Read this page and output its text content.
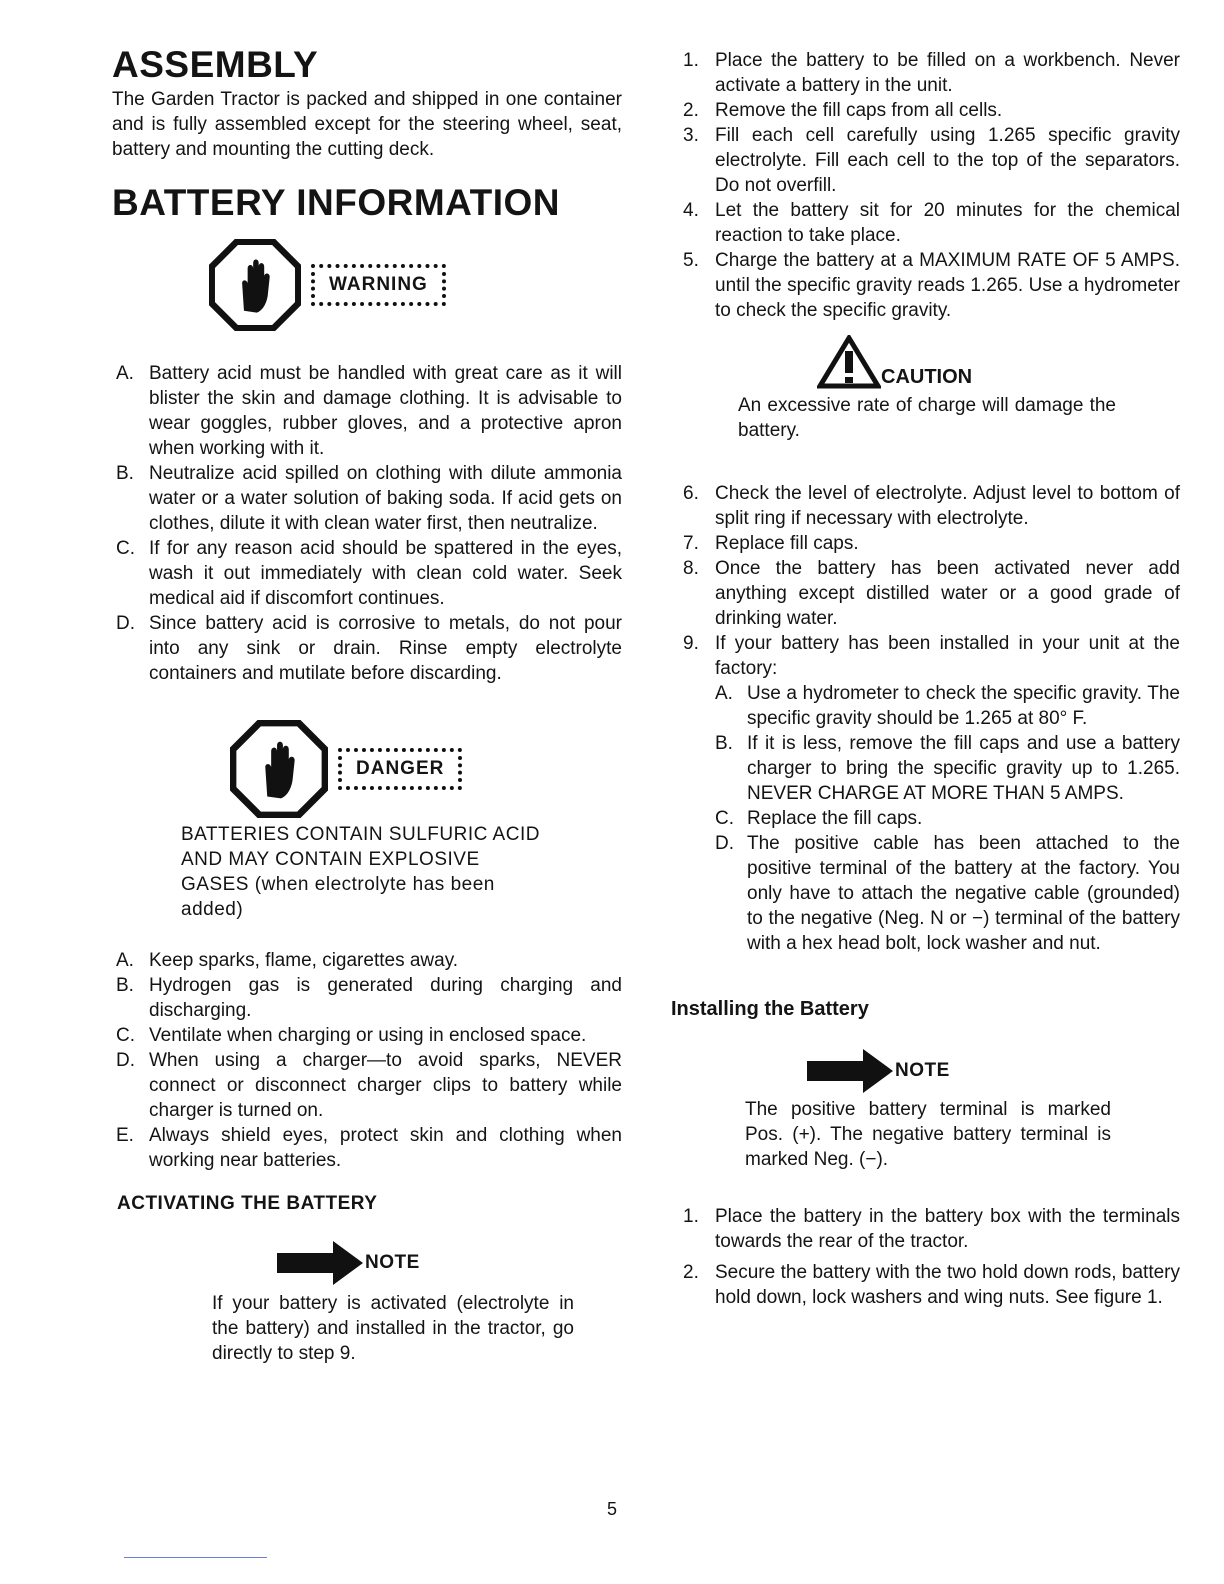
ASSEMBLY

The Garden Tractor is packed and shipped in one container and is fully assembled except for the steering wheel, seat, battery and mounting the cutting deck.

BATTERY INFORMATION
WARNING
A. Battery acid must be handled with great care as it will blister the skin and damage clothing. It is advisable to wear goggles, rubber gloves, and a protective apron when working with it.
B. Neutralize acid spilled on clothing with dilute ammonia water or a water solution of baking soda. If acid gets on clothes, dilute it with clean water first, then neutralize.
C. If for any reason acid should be spattered in the eyes, wash it out immediately with clean cold water. Seek medical aid if discomfort continues.
D. Since battery acid is corrosive to metals, do not pour into any sink or drain. Rinse empty electrolyte containers and mutilate before discarding.
DANGER

BATTERIES CONTAIN SULFURIC ACID AND MAY CONTAIN EXPLOSIVE GASES (when electrolyte has been added)

A. Keep sparks, flame, cigarettes away.
B. Hydrogen gas is generated during charging and discharging.
C. Ventilate when charging or using in enclosed space.
D. When using a charger—to avoid sparks, NEVER connect or disconnect charger clips to battery while charger is turned on.
E. Always shield eyes, protect skin and clothing when working near batteries.
ACTIVATING THE BATTERY
NOTE

If your battery is activated (electrolyte in the battery) and installed in the tractor, go directly to step 9.

1. Place the battery to be filled on a workbench. Never activate a battery in the unit.
2. Remove the fill caps from all cells.
3. Fill each cell carefully using 1.265 specific gravity electrolyte. Fill each cell to the top of the separators. Do not overfill.
4. Let the battery sit for 20 minutes for the chemical reaction to take place.
5. Charge the battery at a MAXIMUM RATE OF 5 AMPS. until the specific gravity reads 1.265. Use a hydrometer to check the specific gravity.
CAUTION

An excessive rate of charge will damage the battery.

6. Check the level of electrolyte. Adjust level to bottom of split ring if necessary with electrolyte.
7. Replace fill caps.
8. Once the battery has been activated never add anything except distilled water or a good grade of drinking water.
9. If your battery has been installed in your unit at the factory:
A. Use a hydrometer to check the specific gravity. The specific gravity should be 1.265 at 80° F.
B. If it is less, remove the fill caps and use a battery charger to bring the specific gravity up to 1.265. NEVER CHARGE AT MORE THAN 5 AMPS.
C. Replace the fill caps.
D. The positive cable has been attached to the positive terminal of the battery at the factory. You only have to attach the negative cable (grounded) to the negative (Neg. N or −) terminal of the battery with a hex head bolt, lock washer and nut.
Installing the Battery
NOTE

The positive battery terminal is marked Pos. (+). The negative battery terminal is marked Neg. (−).

1. Place the battery in the battery box with the terminals towards the rear of the tractor.
2. Secure the battery with the two hold down rods, battery hold down, lock washers and wing nuts. See figure 1.
5
